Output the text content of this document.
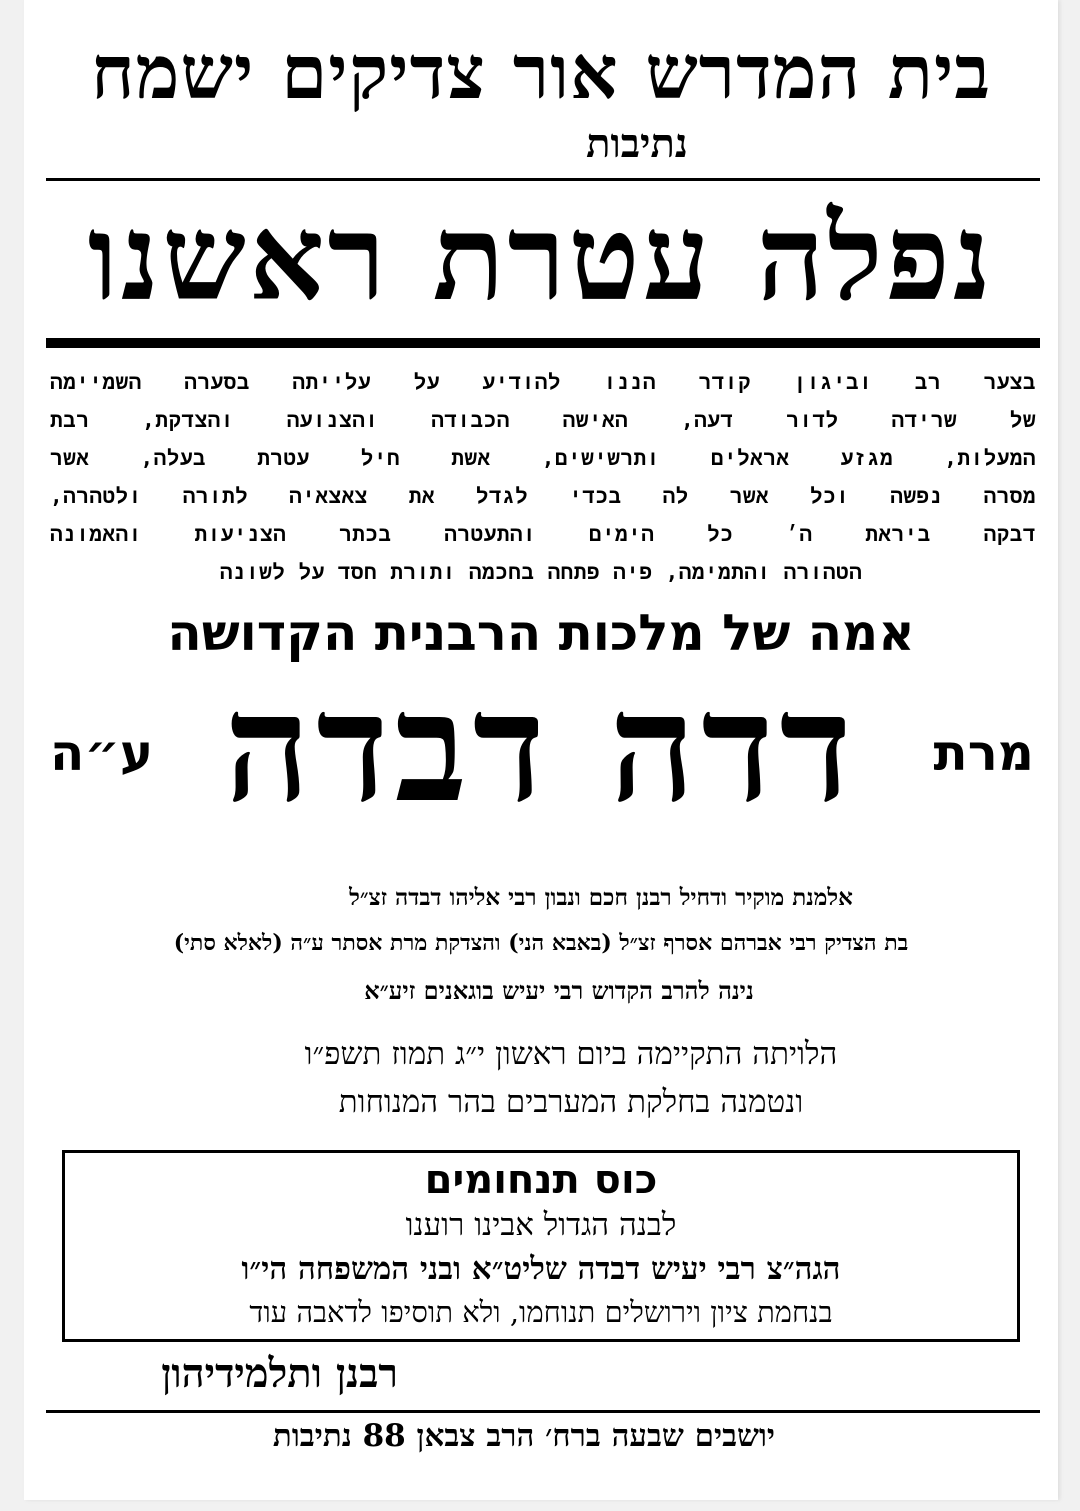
בית המדרש אור צדיקים ישמח
נתיבות
נפלה עטרת ראשנו
בצער רב וביגון קודר הננו להודיע על עלייתה בסערה השמיימה
של שרידה לדור דעה, האישה הכבודה והצנועה והצדקת, רבת
המעלות, מגזע אראלים ותרשישים, אשת חיל עטרת בעלה, אשר
מסרה נפשה וכל אשר לה בכדי לגדל את צאצאיה לתורה ולטהרה,
דבקה ביראת ה׳ כל הימים והתעטרה בכתר הצניעות והאמונה
הטהורה והתמימה, פיה פתחה בחכמה ותורת חסד על לשונה
אמה של מלכות הרבנית הקדושה
מרת
דדה דבדה
ע״ה
אלמנת מוקיר ודחיל רבנן חכם ונבון רבי אליהו דבדה זצ״ל
בת הצדיק רבי אברהם אסרף זצ״ל (באבא הני) והצדקת מרת אסתר ע״ה (לאלא סתי)
נינה להרב הקדוש רבי יעיש בוגאנים זיע״א
הלויתה התקיימה ביום ראשון י״ג תמוז תשפ״ו
ונטמנה בחלקת המערבים בהר המנוחות
כוס תנחומים
לבנה הגדול אבינו רוענו
הגה״צ רבי יעיש דבדה שליט״א ובני המשפחה הי״ו
בנחמת ציון וירושלים תנוחמו, ולא תוסיפו לדאבה עוד
רבנן ותלמידיהון
יושבים שבעה ברח׳ הרב צבאן 88 נתיבות
